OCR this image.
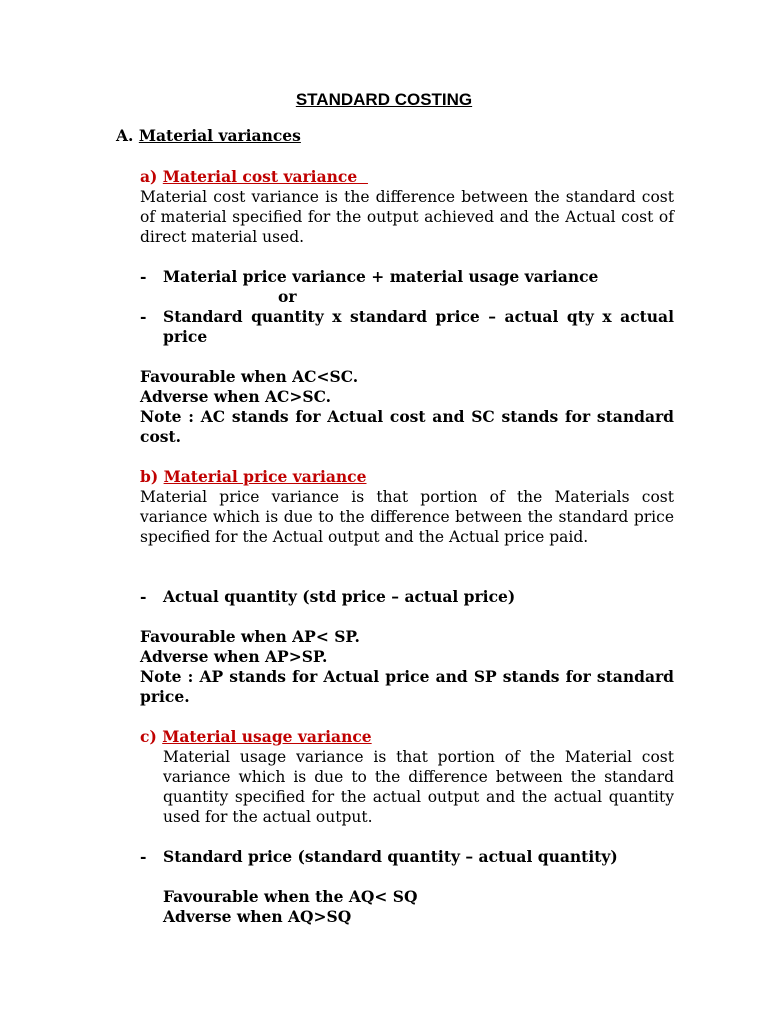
STANDARD COSTING
A. Material variances
a) Material cost variance
Material cost variance is the difference between the standard cost of material specified for the output achieved and the Actual cost of direct material used.
- Material price variance + material usage variance
or
- Standard quantity x standard price – actual qty x actual price
Favourable when AC<SC.
Adverse when AC>SC.
Note : AC stands for Actual cost and SC stands for standard cost.
b) Material price variance
Material price variance is that portion of the Materials cost variance which is due to the difference between the standard price specified for the Actual output and the Actual price paid.
- Actual quantity (std price – actual price)
Favourable when AP< SP.
Adverse when AP>SP.
Note : AP stands for Actual price and SP stands for standard price.
c) Material usage variance
Material usage variance is that portion of the Material cost variance which is due to the difference between the standard quantity specified for the actual output and the actual quantity used for the actual output.
- Standard price (standard quantity – actual quantity)
Favourable when the AQ< SQ
Adverse when AQ>SQ
